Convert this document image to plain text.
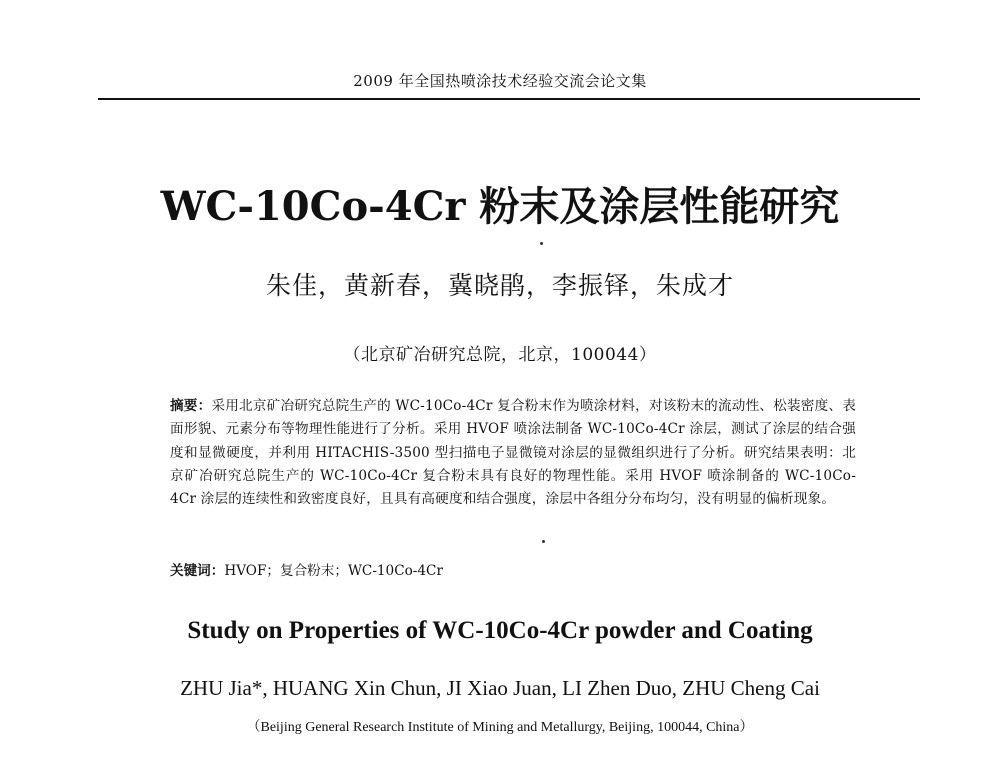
2009 年全国热喷涂技术经验交流会论文集
WC-10Co-4Cr 粉末及涂层性能研究
朱佳，黄新春，冀晓鹃，李振铎，朱成才
（北京矿冶研究总院，北京，100044）
摘要：采用北京矿冶研究总院生产的 WC-10Co-4Cr 复合粉末作为喷涂材料，对该粉末的流动性、松装密度、表面形貌、元素分布等物理性能进行了分析。采用 HVOF 喷涂法制备 WC-10Co-4Cr 涂层，测试了涂层的结合强度和显微硬度，并利用 HITACHIS-3500 型扫描电子显微镜对涂层的显微组织进行了分析。研究结果表明：北京矿冶研究总院生产的 WC-10Co-4Cr 复合粉末具有良好的物理性能。采用 HVOF 喷涂制备的 WC-10Co-4Cr 涂层的连续性和致密度良好，且具有高硬度和结合强度，涂层中各组分分布均匀，没有明显的偏析现象。
关键词：HVOF；复合粉末；WC-10Co-4Cr
Study on Properties of WC-10Co-4Cr powder and Coating
ZHU Jia*, HUANG Xin Chun, JI Xiao Juan, LI Zhen Duo, ZHU Cheng Cai
（Beijing General Research Institute of Mining and Metallurgy, Beijing, 100044, China）
